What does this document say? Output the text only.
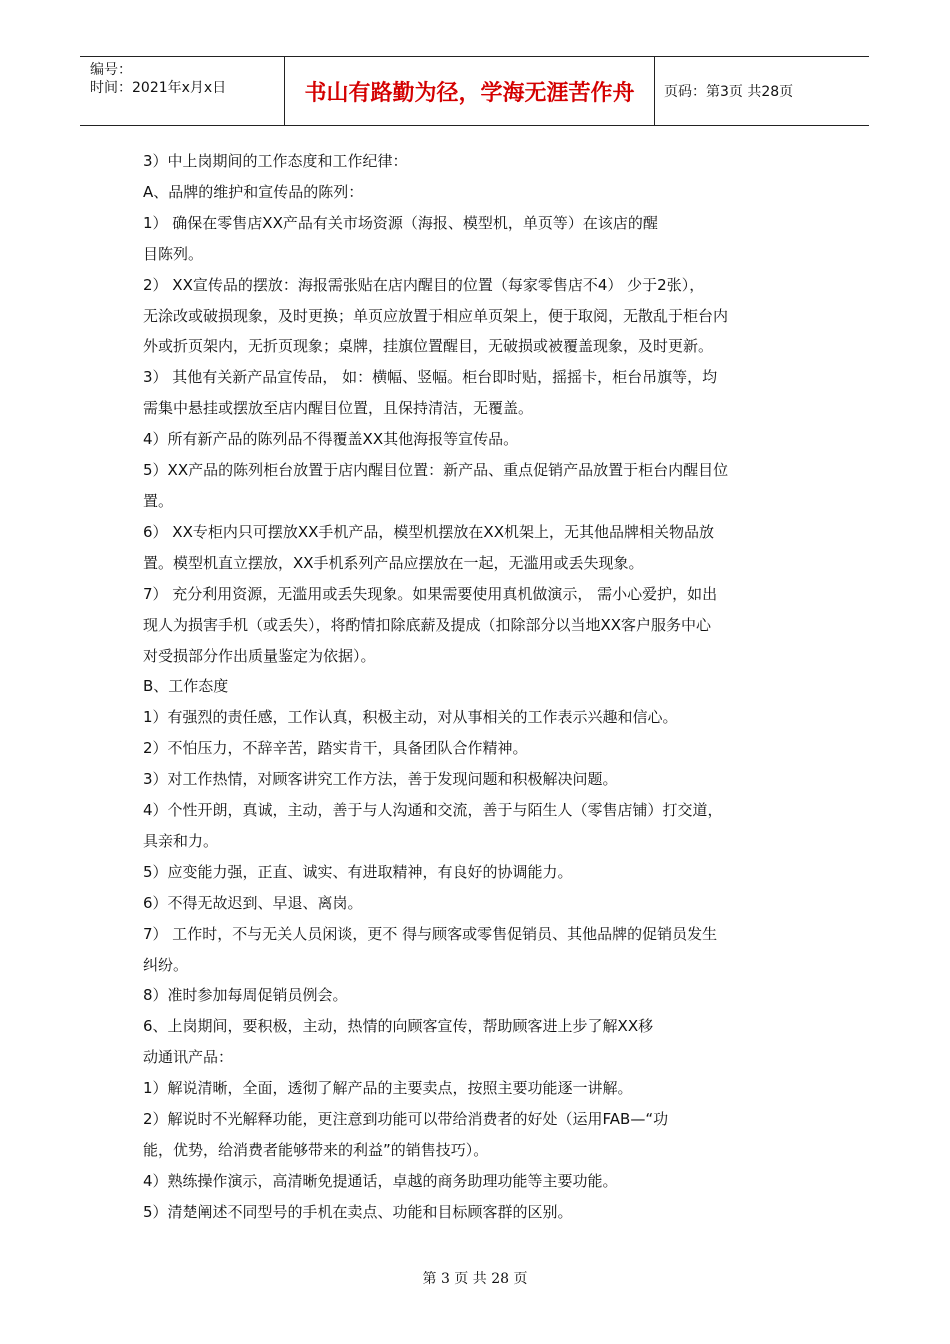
编号：
时间：2021年x月x日	书山有路勤为径，学海无涯苦作舟	页码：第3页 共28页

3）中上岗期间的工作态度和工作纪律：

A、品牌的维护和宣传品的陈列：

1） 确保在零售店XX产品有关市场资源（海报、模型机，单页等）在该店的醒

目陈列。

2） XX宣传品的摆放：海报需张贴在店内醒目的位置（每家零售店不4） 少于2张），

无涂改或破损现象，及时更换；单页应放置于相应单页架上，便于取阅，无散乱于柜台内

外或折页架内，无折页现象；桌牌，挂旗位置醒目，无破损或被覆盖现象，及时更新。

3） 其他有关新产品宣传品， 如：横幅、竖幅。柜台即时贴，摇摇卡，柜台吊旗等，均

需集中悬挂或摆放至店内醒目位置，且保持清洁，无覆盖。

4）所有新产品的陈列品不得覆盖XX其他海报等宣传品。

5）XX产品的陈列柜台放置于店内醒目位置：新产品、重点促销产品放置于柜台内醒目位

置。

6） XX专柜内只可摆放XX手机产品，模型机摆放在XX机架上，无其他品牌相关物品放

置。模型机直立摆放，XX手机系列产品应摆放在一起，无滥用或丢失现象。

7） 充分利用资源，无滥用或丢失现象。如果需要使用真机做演示， 需小心爱护，如出

现人为损害手机（或丢失），将酌情扣除底薪及提成（扣除部分以当地XX客户服务中心

对受损部分作出质量鉴定为依据）。

B、工作态度

1）有强烈的责任感，工作认真，积极主动，对从事相关的工作表示兴趣和信心。

2）不怕压力，不辞辛苦，踏实肯干，具备团队合作精神。

3）对工作热情，对顾客讲究工作方法，善于发现问题和积极解决问题。

4）个性开朗，真诚，主动，善于与人沟通和交流，善于与陌生人（零售店铺）打交道，

具亲和力。

5）应变能力强，正直、诚实、有进取精神，有良好的协调能力。

6）不得无故迟到、早退、离岗。

7） 工作时，不与无关人员闲谈，更不 得与顾客或零售促销员、其他品牌的促销员发生

纠纷。

8）准时参加每周促销员例会。

6、上岗期间，要积极，主动，热情的向顾客宣传，帮助顾客进上步了解XX移

动通讯产品：

1）解说清晰，全面，透彻了解产品的主要卖点，按照主要功能逐一讲解。

2）解说时不光解释功能，更注意到功能可以带给消费者的好处（运用FAB—“功

能，优势，给消费者能够带来的利益”的销售技巧）。

4）熟练操作演示，高清晰免提通话，卓越的商务助理功能等主要功能。

5）清楚阐述不同型号的手机在卖点、功能和目标顾客群的区别。

第 3 页 共 28 页
